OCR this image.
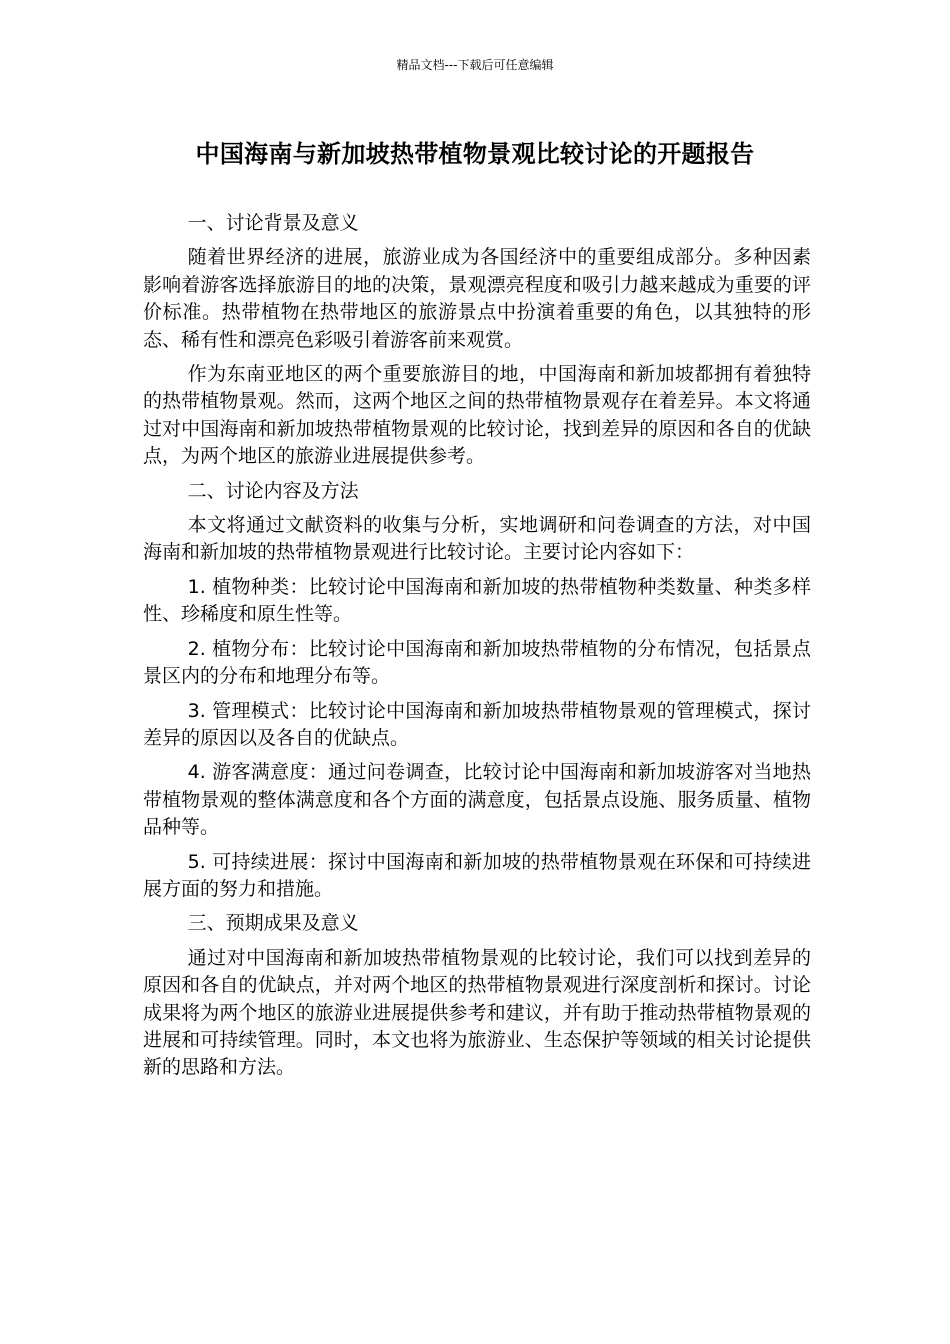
精品文档---下载后可任意编辑
中国海南与新加坡热带植物景观比较讨论的开题报告
一、讨论背景及意义
随着世界经济的进展，旅游业成为各国经济中的重要组成部分。多种因素影响着游客选择旅游目的地的决策，景观漂亮程度和吸引力越来越成为重要的评价标准。热带植物在热带地区的旅游景点中扮演着重要的角色，以其独特的形态、稀有性和漂亮色彩吸引着游客前来观赏。
作为东南亚地区的两个重要旅游目的地，中国海南和新加坡都拥有着独特的热带植物景观。然而，这两个地区之间的热带植物景观存在着差异。本文将通过对中国海南和新加坡热带植物景观的比较讨论，找到差异的原因和各自的优缺点，为两个地区的旅游业进展提供参考。
二、讨论内容及方法
本文将通过文献资料的收集与分析，实地调研和问卷调查的方法，对中国海南和新加坡的热带植物景观进行比较讨论。主要讨论内容如下：
1. 植物种类：比较讨论中国海南和新加坡的热带植物种类数量、种类多样性、珍稀度和原生性等。
2. 植物分布：比较讨论中国海南和新加坡热带植物的分布情况，包括景点景区内的分布和地理分布等。
3. 管理模式：比较讨论中国海南和新加坡热带植物景观的管理模式，探讨差异的原因以及各自的优缺点。
4. 游客满意度：通过问卷调查，比较讨论中国海南和新加坡游客对当地热带植物景观的整体满意度和各个方面的满意度，包括景点设施、服务质量、植物品种等。
5. 可持续进展：探讨中国海南和新加坡的热带植物景观在环保和可持续进展方面的努力和措施。
三、预期成果及意义
通过对中国海南和新加坡热带植物景观的比较讨论，我们可以找到差异的原因和各自的优缺点，并对两个地区的热带植物景观进行深度剖析和探讨。讨论成果将为两个地区的旅游业进展提供参考和建议，并有助于推动热带植物景观的进展和可持续管理。同时，本文也将为旅游业、生态保护等领域的相关讨论提供新的思路和方法。
